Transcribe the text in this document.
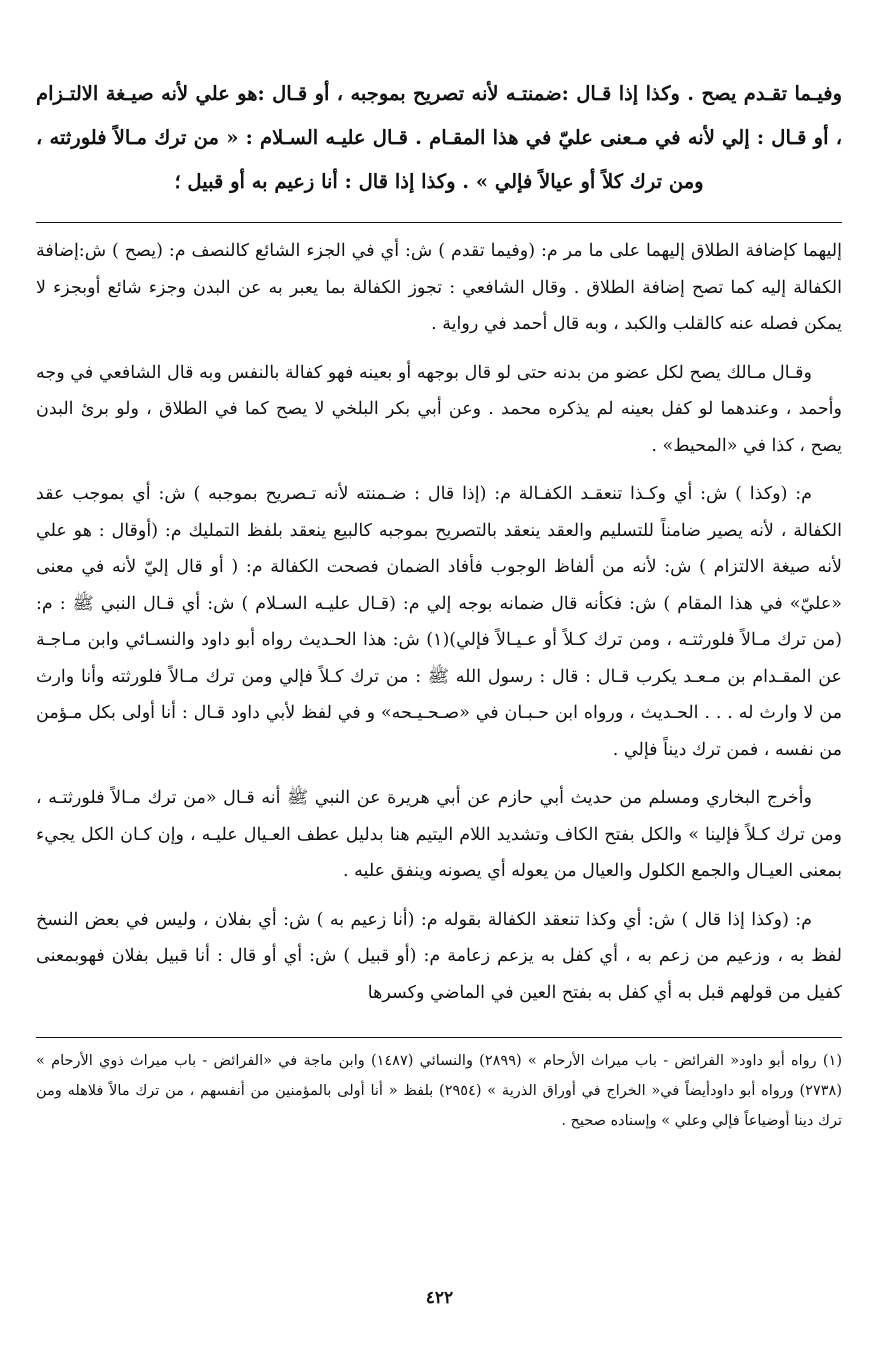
وفيـما تقـدم يصح . وكذا إذا قـال :ضمنتـه لأنه تصريح بموجبه ، أو قـال :هو علي لأنه صيـغة الالتـزام ، أو قـال : إلي لأنه في مـعنى عليّ في هذا المقـام . قـال عليـه السـلام : « من ترك مـالاً فلورثته ، ومن ترك كلاً أو عيالاً فإلي » . وكذا إذا قال : أنا زعيم به أو قبيل ؛

إليهما كإضافة الطلاق إليهما على ما مر م: (وفيما تقدم ) ش: أي في الجزء الشائع كالنصف م: (يصح ) ش:إضافة الكفالة إليه كما تصح إضافة الطلاق . وقال الشافعي : تجوز الكفالة بما يعبر به عن البدن وجزء شائع أوبجزء لا يمكن فصله عنه كالقلب والكبد ، وبه قال أحمد في رواية .

وقـال مـالك يصح لكل عضو من بدنه حتى لو قال بوجهه أو بعينه فهو كفالة بالنفس وبه قال الشافعي في وجه وأحمد ، وعندهما لو كفل بعينه لم يذكره محمد . وعن أبي بكر البلخي لا يصح كما في الطلاق ، ولو برئ البدن يصح ، كذا في «المحيط» .

م: (وكذا ) ش: أي وكـذا تنعقـد الكفـالة م: (إذا قال : ضـمنته لأنه تـصريح بموجبه ) ش: أي بموجب عقد الكفالة ، لأنه يصير ضامناً للتسليم والعقد ينعقد بالتصريح بموجبه كالبيع ينعقد بلفظ التمليك م: (أوقال : هو علي لأنه صيغة الالتزام ) ش: لأنه من ألفاظ الوجوب فأفاد الضمان فصحت الكفالة م: ( أو قال إليّ لأنه في معنى «عليّ» في هذا المقام ) ش: فكأنه قال ضمانه بوجه إلي م: (قـال عليـه السـلام ) ش: أي قـال النبي ﷺ : م: (من ترك مـالاً فلورثتـه ، ومن ترك كـلاً أو عـيـالاً فإلي)(١) ش: هذا الحـديث رواه أبو داود والنسـائي وابن مـاجـة عن المقـدام بن مـعـد يكرب قـال : قال : رسول الله ﷺ : من ترك كـلاً فإلي ومن ترك مـالاً فلورثته وأنا وارث من لا وارث له . . . الحـديث ، ورواه ابن حـبـان في «صـحـيـحه» و في لفظ لأبي داود قـال : أنا أولى بكل مـؤمن من نفسه ، فمن ترك ديناً فإلي .

وأخرج البخاري ومسلم من حديث أبي حازم عن أبي هريرة عن النبي ﷺ أنه قـال «من ترك مـالاً فلورثتـه ، ومن ترك كـلاً فإلينا » والكل بفتح الكاف وتشديد اللام اليتيم هنا بدليل عطف العـيال عليـه ، وإن كـان الكل يجيء بمعنى العيـال والجمع الكلول والعيال من يعوله أي يصونه وينفق عليه .

م: (وكذا إذا قال ) ش: أي وكذا تنعقد الكفالة بقوله م: (أنا زعيم به ) ش: أي بفلان ، وليس في بعض النسخ لفظ به ، وزعيم من زعم به ، أي كفل به يزعم زعامة م: (أو قبيل ) ش: أي أو قال : أنا قبيل بفلان فهوبمعنى كفيل من قولهم قبل به أي كفل به بفتح العين في الماضي وكسرها

(١) رواه أبو داود« الفرائض - باب ميراث الأرحام » (٢٨٩٩) والنسائي (١٤٨٧) وابن ماجة في «الفرائض - باب ميراث ذوي الأرحام » (٢٧٣٨) ورواه أبو داودأيضاً في« الخراج في أوراق الذرية » (٢٩٥٤) بلفظ « أنا أولى بالمؤمنين من أنفسهم ، من ترك مالاً فلاهله ومن ترك دينا أوضياعاً فإلي وعلي » وإسناده صحيح .

٤٢٢
